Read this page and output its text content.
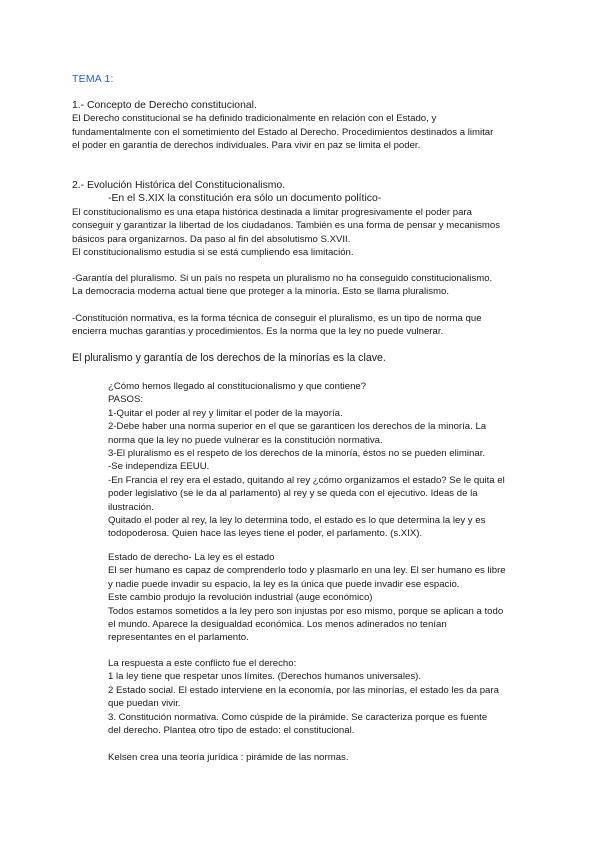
TEMA 1:

1.- Concepto de Derecho constitucional.

El Derecho constitucional se ha definido tradicionalmente en relación con el Estado, y

fundamentalmente con el sometimiento del Estado al Derecho. Procedimientos destinados a limitar

el poder en garantía de derechos individuales. Para vivir en paz se limita el poder.

2.- Evolución Histórica del Constitucionalismo.

-En el S.XIX la constitución era sólo un documento político-

El constitucionalismo es una etapa histórica destinada a limitar progresivamente el poder para

conseguir y garantizar la libertad de los ciudadanos. También es una forma de pensar y mecanismos

básicos para organizarnos. Da paso al fin del absolutismo S.XVII.

El constitucionalismo estudia si se está cumpliendo esa limitación.

-Garantía del pluralismo. Si un país no respeta un pluralismo no ha conseguido constitucionalismo.

La democracia moderna actual tiene que proteger a la minoría. Esto se llama pluralismo.

-Constitución normativa, es la forma técnica de conseguir el pluralismo, es un tipo de norma que

encierra muchas garantías y procedimientos. Es la norma que la ley no puede vulnerar.

El pluralismo y garantía de los derechos de la minorías es la clave.

¿Cómo hemos llegado al constitucionalismo y que contiene?

PASOS:

1-Quitar el poder al rey y limitar el poder de la mayoría.

2-Debe haber una norma superior en el que se garanticen los derechos de la minoría. La

norma que la ley no puede vulnerar es la constitución normativa.

3-El pluralismo es el respeto de los derechos de la minoría, éstos no se pueden eliminar.

-Se independiza EEUU.

-En Francia el rey era el estado, quitando al rey ¿cómo organizamos el estado? Se le quita el

poder legislativo (se le da al parlamento) al rey y se queda con el ejecutivo. Ideas de la

ilustración.

Quitado el poder al rey, la ley lo determina todo, el estado es lo que determina la ley y es

todopoderosa. Quien hace las leyes tiene el poder, el parlamento. (s.XIX).

Estado de derecho- La ley es el estado

El ser humano es capaz de comprenderlo todo y plasmarlo en una ley. El ser humano es libre

y nadie puede invadir su espacio, la ley es la única que puede invadir ese espacio.

Este cambio produjo la revolución industrial (auge económico)

Todos estamos sometidos a la ley pero son injustas por eso mismo, porque se aplican a todo

el mundo. Aparece la desigualdad económica. Los menos adinerados no tenían

representantes en el parlamento.

La respuesta a este conflicto fue el derecho:

1 la ley tiene que respetar unos límites. (Derechos humanos universales).

2 Estado social. El estado interviene en la economía, por las minorías, el estado les da para

que puedan vivir.

3. Constitución normativa. Como cúspide de la pirámide. Se caracteriza porque es fuente

del derecho. Plantea otro tipo de estado: el constitucional.

Kelsen crea una teoría jurídica : pirámide de las normas.
